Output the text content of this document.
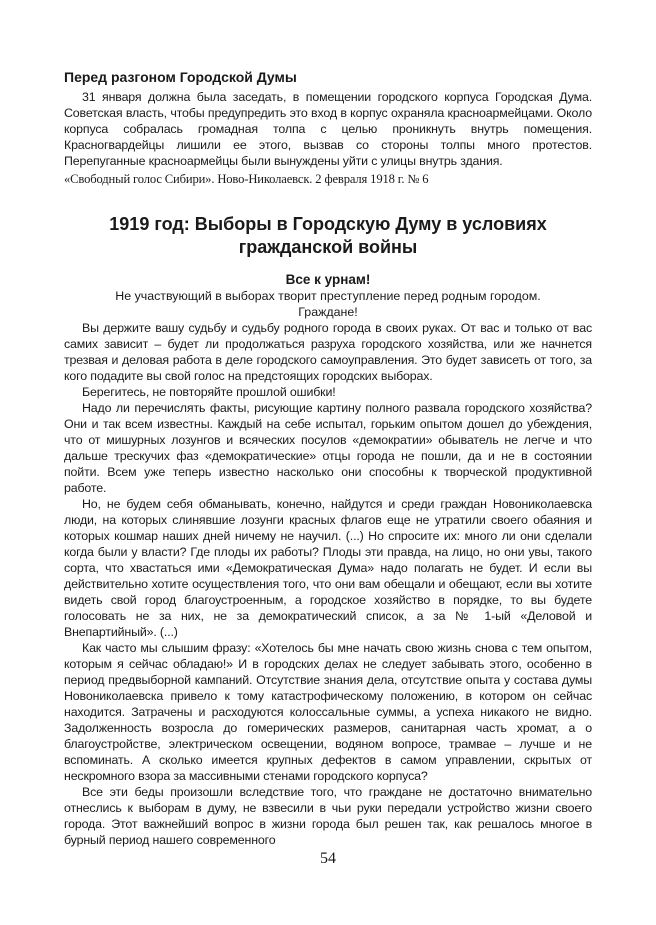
Перед разгоном Городской Думы

31 января должна была заседать, в помещении городского корпуса Городская Дума. Советская власть, чтобы предупредить это вход в корпус охраняла красноармейцами. Около корпуса собралась громадная толпа с целью проникнуть внутрь помещения. Красногвардейцы лишили ее этого, вызвав со стороны толпы много протестов. Перепуганные красноармейцы были вынуждены уйти с улицы внутрь здания.

«Свободный голос Сибири». Ново-Николаевск. 2 февраля 1918 г. № 6

1919 год: Выборы в Городскую Думу в условиях гражданской войны
Все к урнам!

Не участвующий в выборах творит преступление перед родным городом.

Граждане!

Вы держите вашу судьбу и судьбу родного города в своих руках. От вас и только от вас самих зависит – будет ли продолжаться разруха городского хозяйства, или же начнется трезвая и деловая работа в деле городского самоуправления. Это будет зависеть от того, за кого подадите вы свой голос на предстоящих городских выборах.

Берегитесь, не повторяйте прошлой ошибки!

Надо ли перечислять факты, рисующие картину полного развала городского хозяйства? Они и так всем известны. Каждый на себе испытал, горьким опытом дошел до убеждения, что от мишурных лозунгов и всяческих посулов «демократии» обыватель не легче и что дальше трескучих фаз «демократические» отцы города не пошли, да и не в состоянии пойти. Всем уже теперь известно насколько они способны к творческой продуктивной работе.

Но, не будем себя обманывать, конечно, найдутся и среди граждан Новониколаевска люди, на которых слинявшие лозунги красных флагов еще не утратили своего обаяния и которых кошмар наших дней ничему не научил. (...) Но спросите их: много ли они сделали когда были у власти? Где плоды их работы? Плоды эти правда, на лицо, но они увы, такого сорта, что хвастаться ими «Демократическая Дума» надо полагать не будет. И если вы действительно хотите осуществления того, что они вам обещали и обещают, если вы хотите видеть свой город благоустроенным, а городское хозяйство в порядке, то вы будете голосовать не за них, не за демократический список, а за № 1-ый «Деловой и Внепартийный». (...)

Как часто мы слышим фразу: «Хотелось бы мне начать свою жизнь снова с тем опытом, которым я сейчас обладаю!» И в городских делах не следует забывать этого, особенно в период предвыборной кампаний. Отсутствие знания дела, отсутствие опыта у состава думы Новониколаевска привело к тому катастрофическому положению, в котором он сейчас находится. Затрачены и расходуются колоссальные суммы, а успеха никакого не видно. Задолженность возросла до гомерических размеров, санитарная часть хромат, а о благоустройстве, электрическом освещении, водяном вопросе, трамвае – лучше и не вспоминать. А сколько имеется крупных дефектов в самом управлении, скрытых от нескромного взора за массивными стенами городского корпуса?

Все эти беды произошли вследствие того, что граждане не достаточно внимательно отнеслись к выборам в думу, не взвесили в чьи руки передали устройство жизни своего города. Этот важнейший вопрос в жизни города был решен так, как решалось многое в бурный период нашего современного

54
